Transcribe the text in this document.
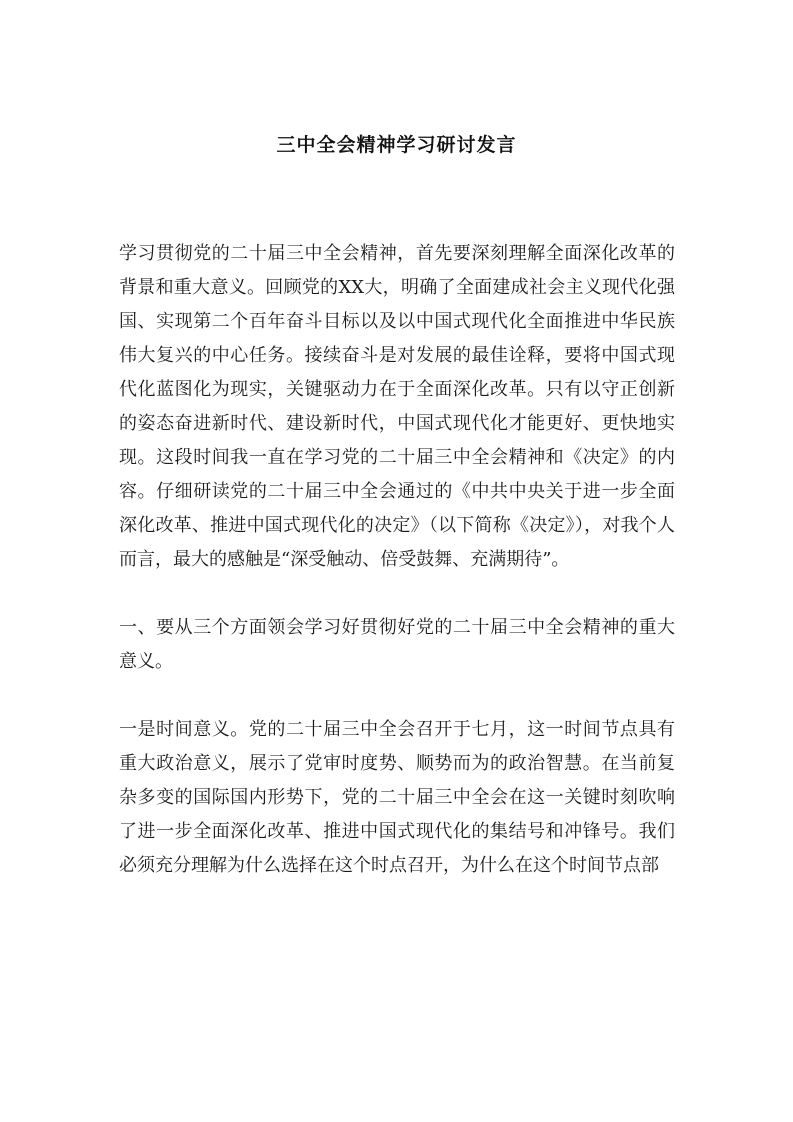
三中全会精神学习研讨发言

学习贯彻党的二十届三中全会精神，首先要深刻理解全面深化改革的背景和重大意义。回顾党的XX大，明确了全面建成社会主义现代化强国、实现第二个百年奋斗目标以及以中国式现代化全面推进中华民族伟大复兴的中心任务。接续奋斗是对发展的最佳诠释，要将中国式现代化蓝图化为现实，关键驱动力在于全面深化改革。只有以守正创新的姿态奋进新时代、建设新时代，中国式现代化才能更好、更快地实现。这段时间我一直在学习党的二十届三中全会精神和《决定》的内容。仔细研读党的二十届三中全会通过的《中共中央关于进一步全面深化改革、推进中国式现代化的决定》（以下简称《决定》），对我个人而言，最大的感触是“深受触动、倍受鼓舞、充满期待”。

一、要从三个方面领会学习好贯彻好党的二十届三中全会精神的重大意义。

一是时间意义。党的二十届三中全会召开于七月，这一时间节点具有重大政治意义，展示了党审时度势、顺势而为的政治智慧。在当前复杂多变的国际国内形势下，党的二十届三中全会在这一关键时刻吹响了进一步全面深化改革、推进中国式现代化的集结号和冲锋号。我们必须充分理解为什么选择在这个时点召开，为什么在这个时间节点部
